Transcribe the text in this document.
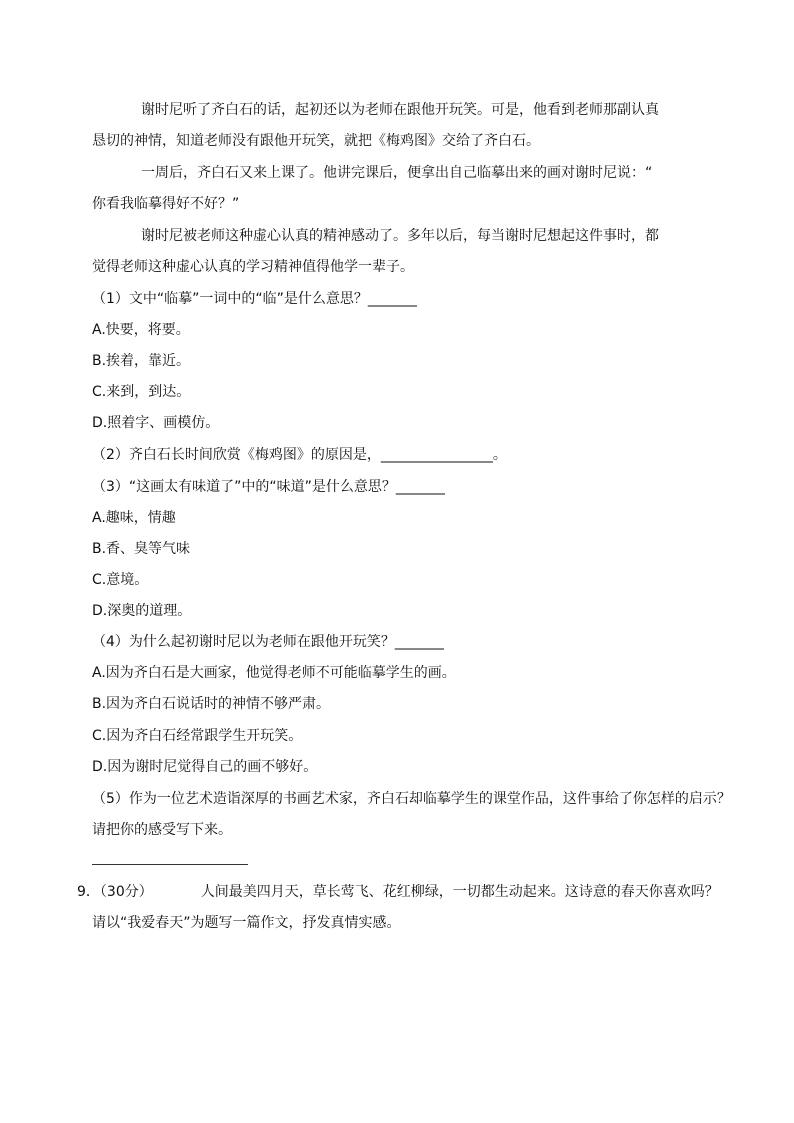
谢时尼听了齐白石的话，起初还以为老师在跟他开玩笑。可是，他看到老师那副认真
恳切的神情，知道老师没有跟他开玩笑，就把《梅鸡图》交给了齐白石。
一周后，齐白石又来上课了。他讲完课后，便拿出自己临摹出来的画对谢时尼说：“
你看我临摹得好不好？”
谢时尼被老师这种虚心认真的精神感动了。多年以后，每当谢时尼想起这件事时，都
觉得老师这种虚心认真的学习精神值得他学一辈子。
（1）文中“临摹”一词中的“临”是什么意思？_______
A.快要，将要。
B.挨着，靠近。
C.来到，到达。
D.照着字、画模仿。
（2）齐白石长时间欣赏《梅鸡图》的原因是，________________。
（3）“这画太有味道了”中的“味道”是什么意思？_______
A.趣味，情趣
B.香、臭等气味
C.意境。
D.深奥的道理。
（4）为什么起初谢时尼以为老师在跟他开玩笑？_______
A.因为齐白石是大画家，他觉得老师不可能临摹学生的画。
B.因为齐白石说话时的神情不够严肃。
C.因为齐白石经常跟学生开玩笑。
D.因为谢时尼觉得自己的画不够好。
（5）作为一位艺术造诣深厚的书画艺术家，齐白石却临摹学生的课堂作品，这件事给了你怎样的启示？
请把你的感受写下来。
9．（30分）	人间最美四月天，草长莺飞、花红柳绿，一切都生动起来。这诗意的春天你喜欢吗？
请以“我爱春天”为题写一篇作文，抒发真情实感。
